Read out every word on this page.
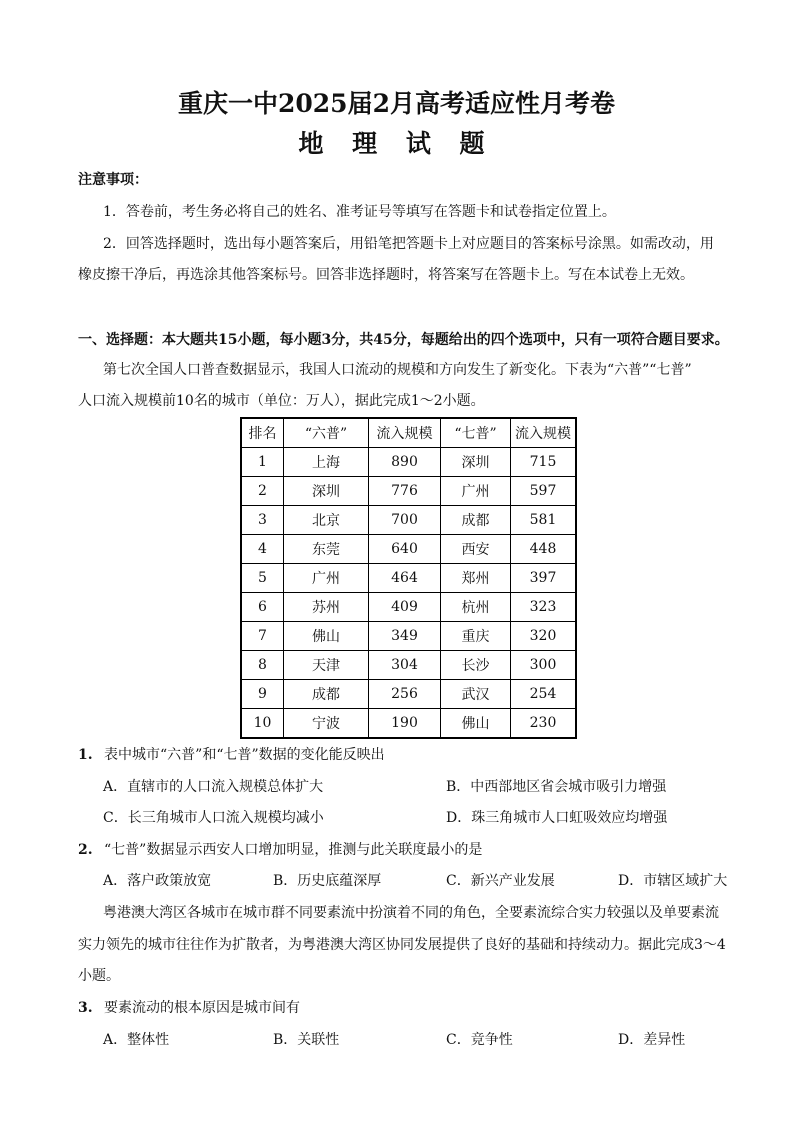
重庆一中2025届2月高考适应性月考卷
地 理 试 题
注意事项：
1．答卷前，考生务必将自己的姓名、准考证号等填写在答题卡和试卷指定位置上。
2．回答选择题时，选出每小题答案后，用铅笔把答题卡上对应题目的答案标号涂黑。如需改动，用
橡皮擦干净后，再选涂其他答案标号。回答非选择题时，将答案写在答题卡上。写在本试卷上无效。
一、选择题：本大题共15小题，每小题3分，共45分，每题给出的四个选项中，只有一项符合题目要求。
第七次全国人口普查数据显示，我国人口流动的规模和方向发生了新变化。下表为“六普”“七普”
人口流入规模前10名的城市（单位：万人），据此完成1～2小题。
排名	“六普”	流入规模	“七普”	流入规模
1	上海	890	深圳	715
2	深圳	776	广州	597
3	北京	700	成都	581
4	东莞	640	西安	448
5	广州	464	郑州	397
6	苏州	409	杭州	323
7	佛山	349	重庆	320
8	天津	304	长沙	300
9	成都	256	武汉	254
10	宁波	190	佛山	230
1. 表中城市“六普”和“七普”数据的变化能反映出
A．直辖市的人口流入规模总体扩大	B．中西部地区省会城市吸引力增强
C．长三角城市人口流入规模均减小	D．珠三角城市人口虹吸效应均增强
2. “七普”数据显示西安人口增加明显，推测与此关联度最小的是
A．落户政策放宽	B．历史底蕴深厚	C．新兴产业发展	D．市辖区域扩大
粤港澳大湾区各城市在城市群不同要素流中扮演着不同的角色，全要素流综合实力较强以及单要素流
实力领先的城市往往作为扩散者，为粤港澳大湾区协同发展提供了良好的基础和持续动力。据此完成3～4
小题。
3. 要素流动的根本原因是城市间有
A．整体性	B．关联性	C．竞争性	D．差异性
